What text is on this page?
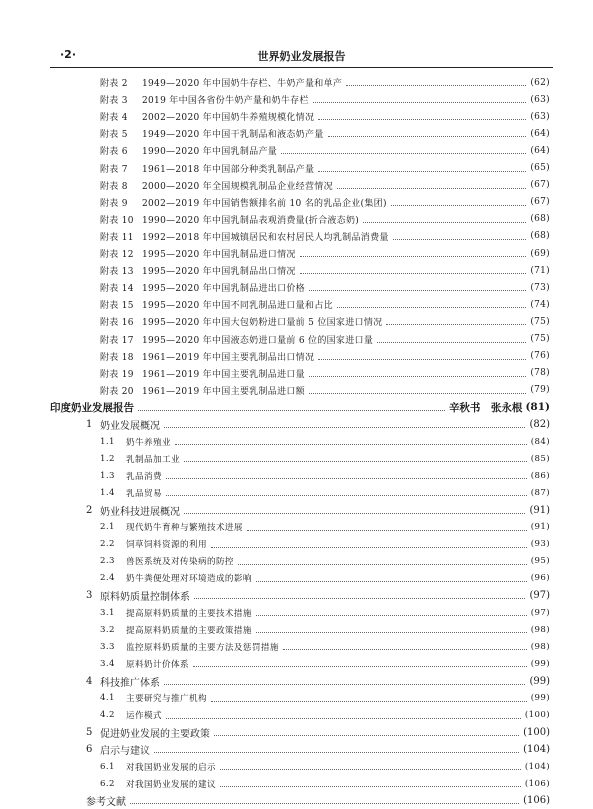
·2·	世界奶业发展报告
附表 2	1949—2020 年中国奶牛存栏、牛奶产量和单产	(62)
附表 3	2019 年中国各省份牛奶产量和奶牛存栏	(63)
附表 4	2002—2020 年中国奶牛养殖规模化情况	(63)
附表 5	1949—2020 年中国干乳制品和液态奶产量	(64)
附表 6	1990—2020 年中国乳制品产量	(64)
附表 7	1961—2018 年中国部分种类乳制品产量	(65)
附表 8	2000—2020 年全国规模乳制品企业经营情况	(67)
附表 9	2002—2019 年中国销售额排名前 10 名的乳品企业(集团)	(67)
附表 10 1990—2020 年中国乳制品表观消费量(折合液态奶)	(68)
附表 11 1992—2018 年中国城镇居民和农村居民人均乳制品消费量	(68)
附表 12 1995—2020 年中国乳制品进口情况	(69)
附表 13 1995—2020 年中国乳制品出口情况	(71)
附表 14 1995—2020 年中国乳制品进出口价格	(73)
附表 15 1995—2020 年中国不同乳制品进口量和占比	(74)
附表 16 1995—2020 年中国大包奶粉进口量前 5 位国家进口情况	(75)
附表 17 1995—2020 年中国液态奶进口量前 6 位的国家进口量	(75)
附表 18 1961—2019 年中国主要乳制品出口情况	(76)
附表 19 1961—2019 年中国主要乳制品进口量	(78)
附表 20 1961—2019 年中国主要乳制品进口额	(79)
印度奶业发展报告	辛秋书　张永根 (81)
1 奶业发展概况	(82)
1.1	奶牛养殖业	(84)
1.2	乳制品加工业	(85)
1.3	乳品消费	(86)
1.4	乳品贸易	(87)
2 奶业科技进展概况	(91)
2.1	现代奶牛育种与繁殖技术进展	(91)
2.2	饲草饲料资源的利用	(93)
2.3	兽医系统及对传染病的防控	(95)
2.4	奶牛粪便处理对环境造成的影响	(96)
3 原料奶质量控制体系	(97)
3.1	提高原料奶质量的主要技术措施	(97)
3.2	提高原料奶质量的主要政策措施	(98)
3.3	监控原料奶质量的主要方法及惩罚措施	(98)
3.4	原料奶计价体系	(99)
4 科技推广体系	(99)
4.1	主要研究与推广机构	(99)
4.2	运作模式	(100)
5 促进奶业发展的主要政策	(100)
6 启示与建议	(104)
6.1	对我国奶业发展的启示	(104)
6.2	对我国奶业发展的建议	(106)
参考文献	(106)
